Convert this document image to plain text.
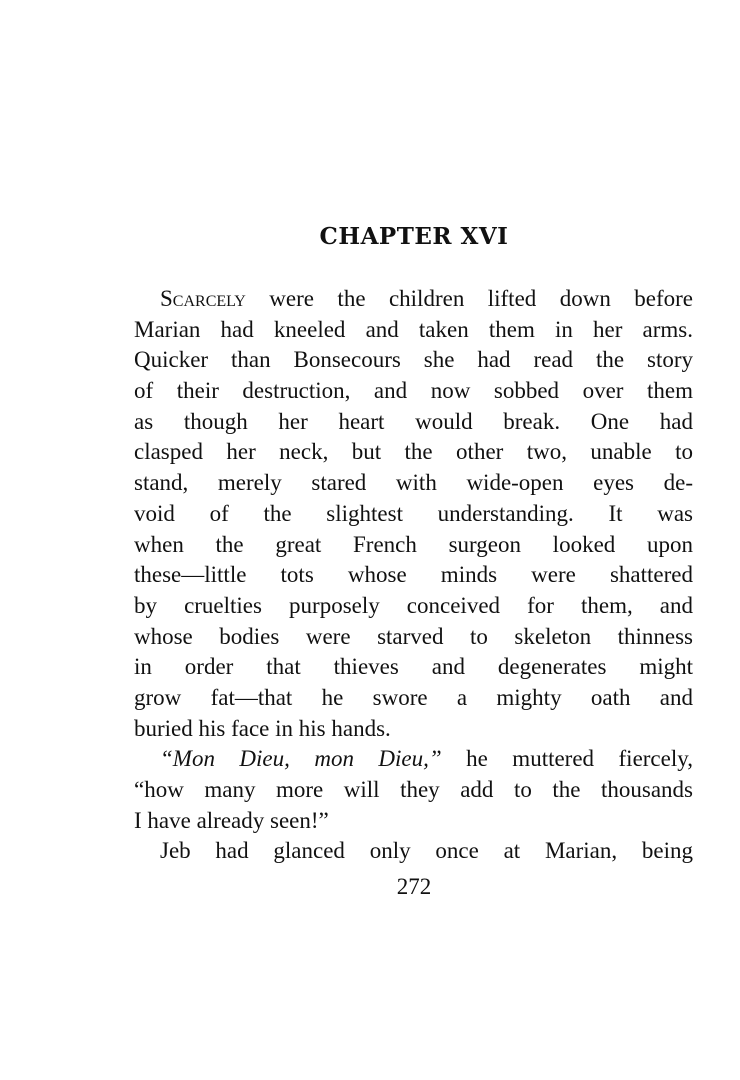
CHAPTER XVI
Scarcely were the children lifted down before
Marian had kneeled and taken them in her arms.
Quicker than Bonsecours she had read the story
of their destruction, and now sobbed over them
as though her heart would break. One had
clasped her neck, but the other two, unable to
stand, merely stared with wide-open eyes de-
void of the slightest understanding. It was
when the great French surgeon looked upon
these—little tots whose minds were shattered
by cruelties purposely conceived for them, and
whose bodies were starved to skeleton thinness
in order that thieves and degenerates might
grow fat—that he swore a mighty oath and
buried his face in his hands.
“Mon Dieu, mon Dieu,” he muttered fiercely,
“how many more will they add to the thousands
I have already seen!”
Jeb had glanced only once at Marian, being

272
